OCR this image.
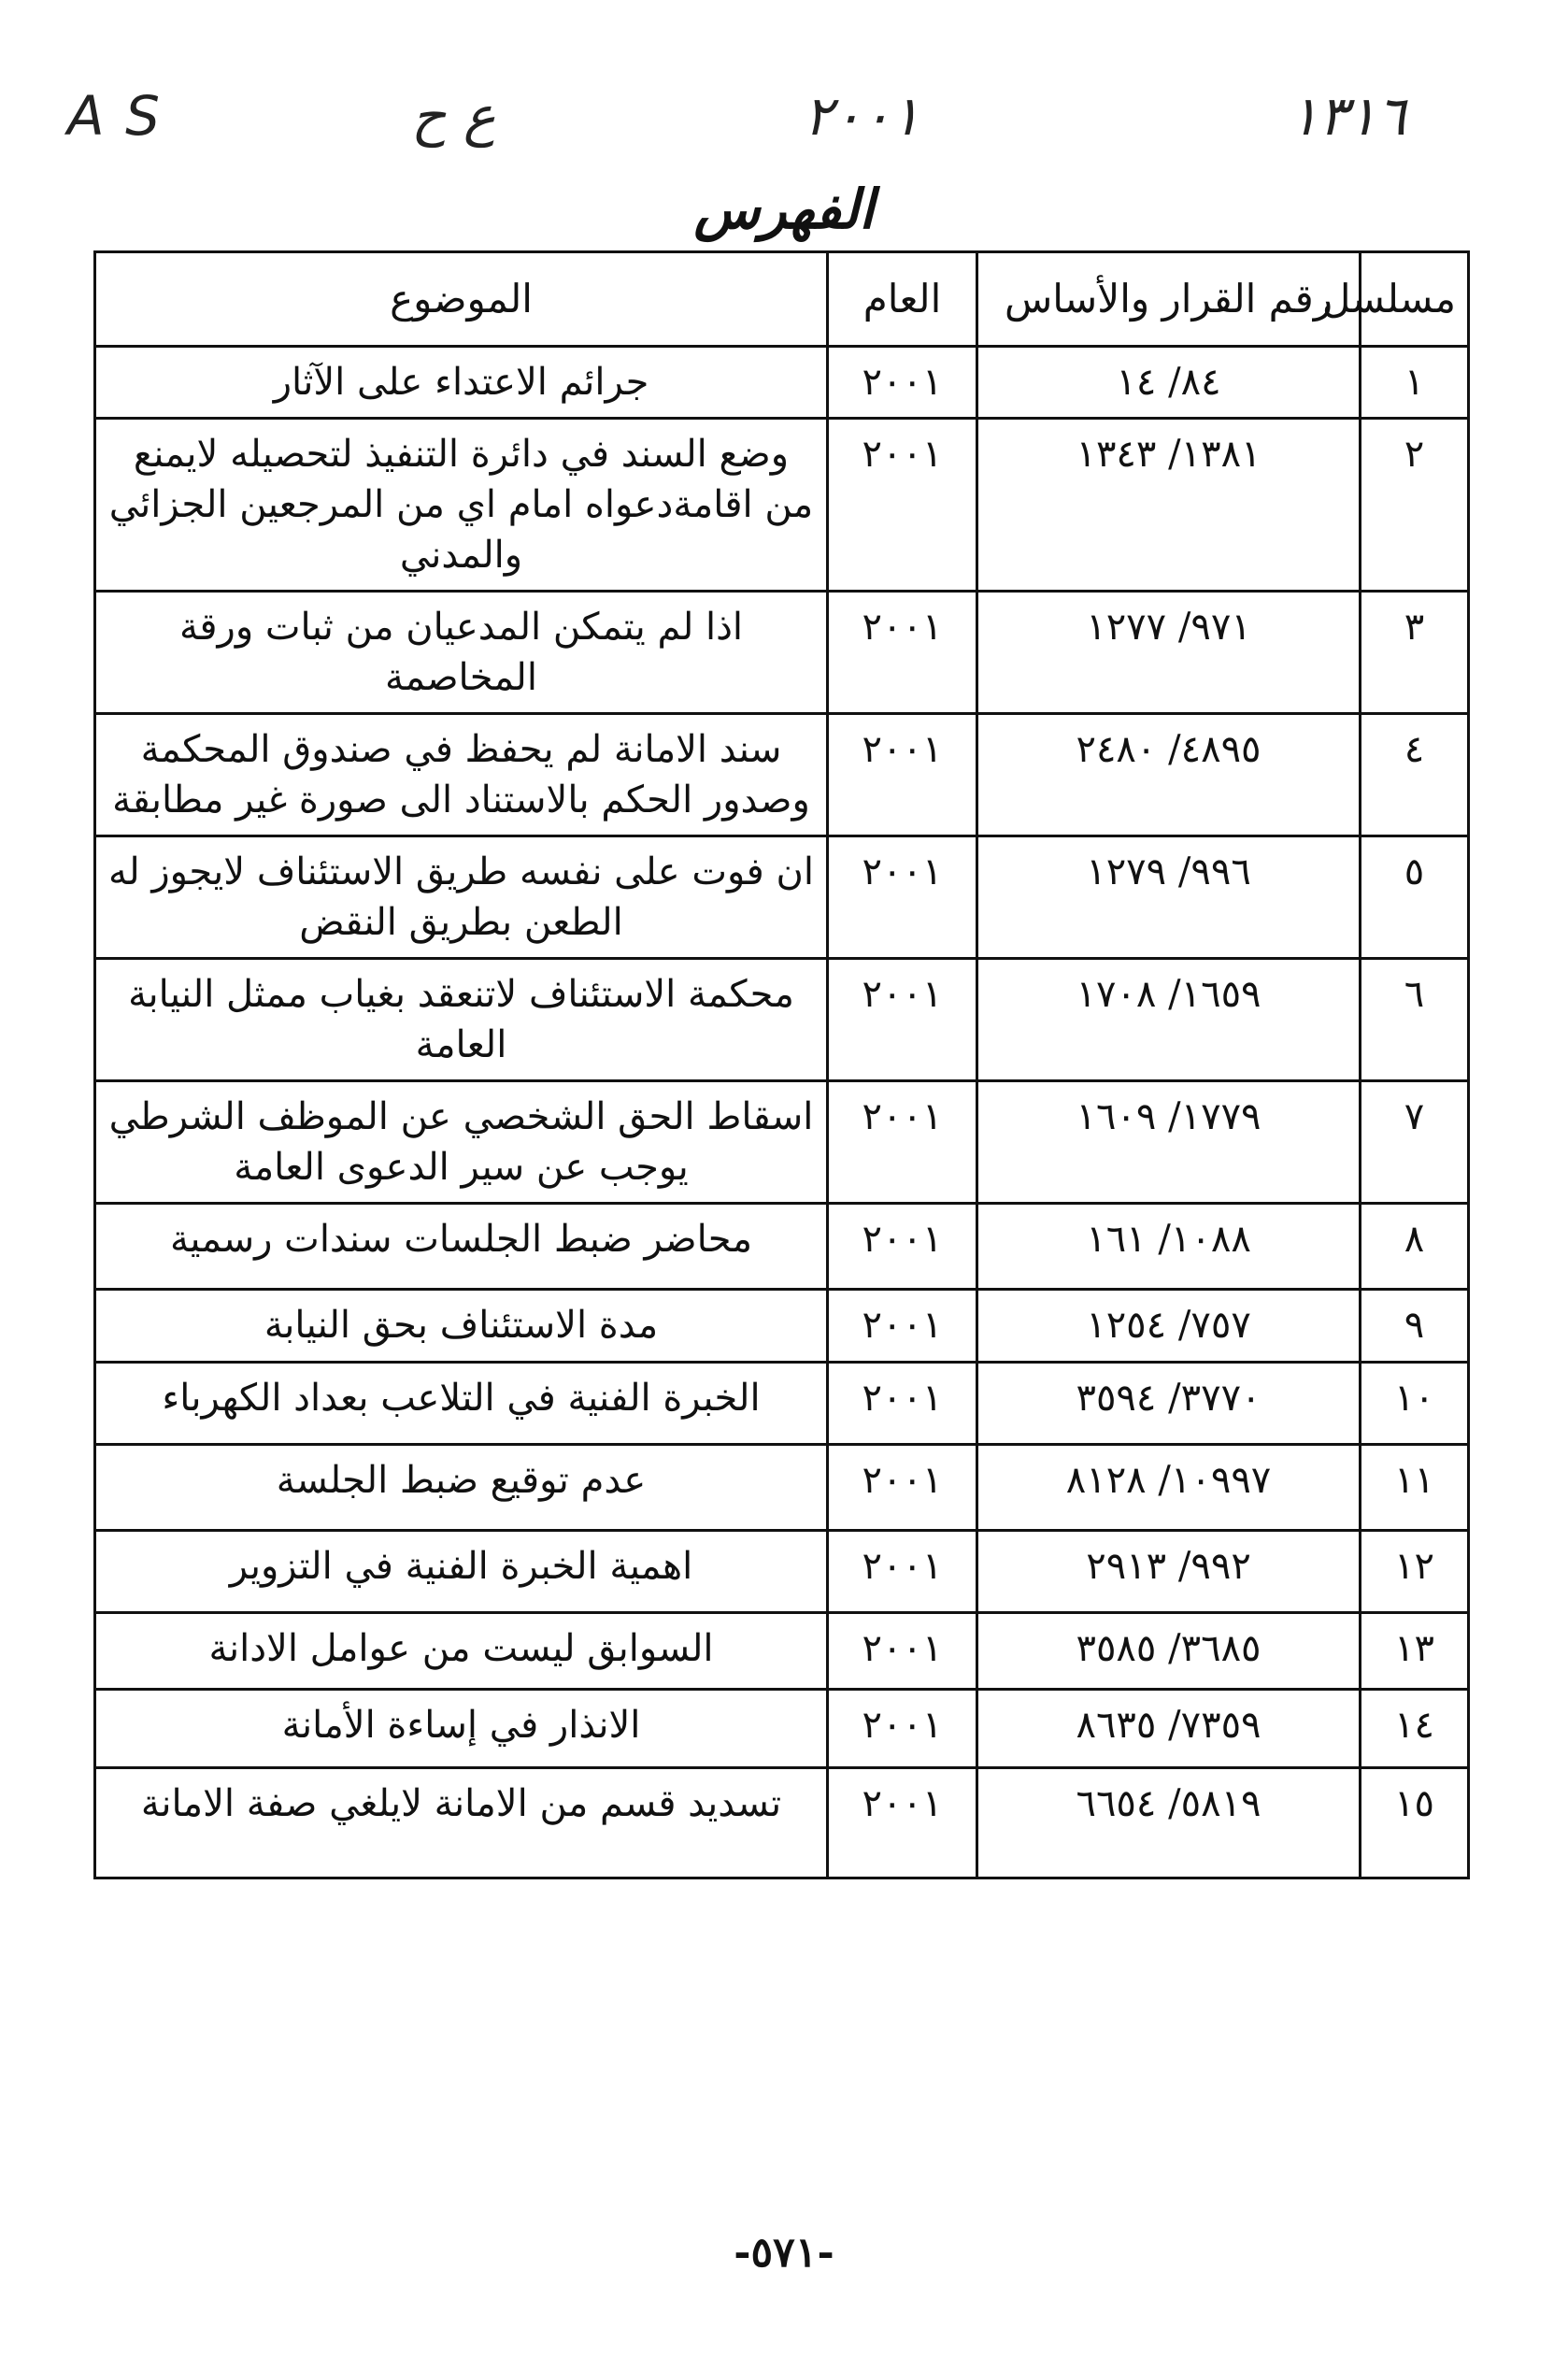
A S	ع ح	٢٠٠١	١٣١٦
الفهرس
مسلسل	رقم القرار والأساس	العام	الموضوع
١	٨٤/ ١٤	٢٠٠١	جرائم الاعتداء على الآثار
٢	١٣٨١/ ١٣٤٣	٢٠٠١	وضع السند في دائرة التنفيذ لتحصيله لايمنع من اقامةدعواه امام اي من المرجعين الجزائي والمدني
٣	٩٧١/ ١٢٧٧	٢٠٠١	اذا لم يتمكن المدعيان من ثبات ورقة المخاصمة
٤	٤٨٩٥/ ٢٤٨٠	٢٠٠١	سند الامانة لم يحفظ في صندوق المحكمة وصدور الحكم بالاستناد الى صورة غير مطابقة
٥	٩٩٦/ ١٢٧٩	٢٠٠١	ان فوت على نفسه طريق الاستئناف لايجوز له الطعن بطريق النقض
٦	١٦٥٩/ ١٧٠٨	٢٠٠١	محكمة الاستئناف لاتنعقد بغياب ممثل النيابة العامة
٧	١٧٧٩/ ١٦٠٩	٢٠٠١	اسقاط الحق الشخصي عن الموظف الشرطي يوجب عن سير الدعوى العامة
٨	١٠٨٨/ ١٦١	٢٠٠١	محاضر ضبط الجلسات سندات رسمية
٩	٧٥٧/ ١٢٥٤	٢٠٠١	مدة الاستئناف بحق النيابة
١٠	٣٧٧٠/ ٣٥٩٤	٢٠٠١	الخبرة الفنية في التلاعب بعداد الكهرباء
١١	١٠٩٩٧/ ٨١٢٨	٢٠٠١	عدم توقيع ضبط الجلسة
١٢	٩٩٢/ ٢٩١٣	٢٠٠١	اهمية الخبرة الفنية في التزوير
١٣	٣٦٨٥/ ٣٥٨٥	٢٠٠١	السوابق ليست من عوامل الادانة
١٤	٧٣٥٩/ ٨٦٣٥	٢٠٠١	الانذار في إساءة الأمانة
١٥	٥٨١٩/ ٦٦٥٤	٢٠٠١	تسديد قسم من الامانة لايلغي صفة الامانة
-٥٧١-
